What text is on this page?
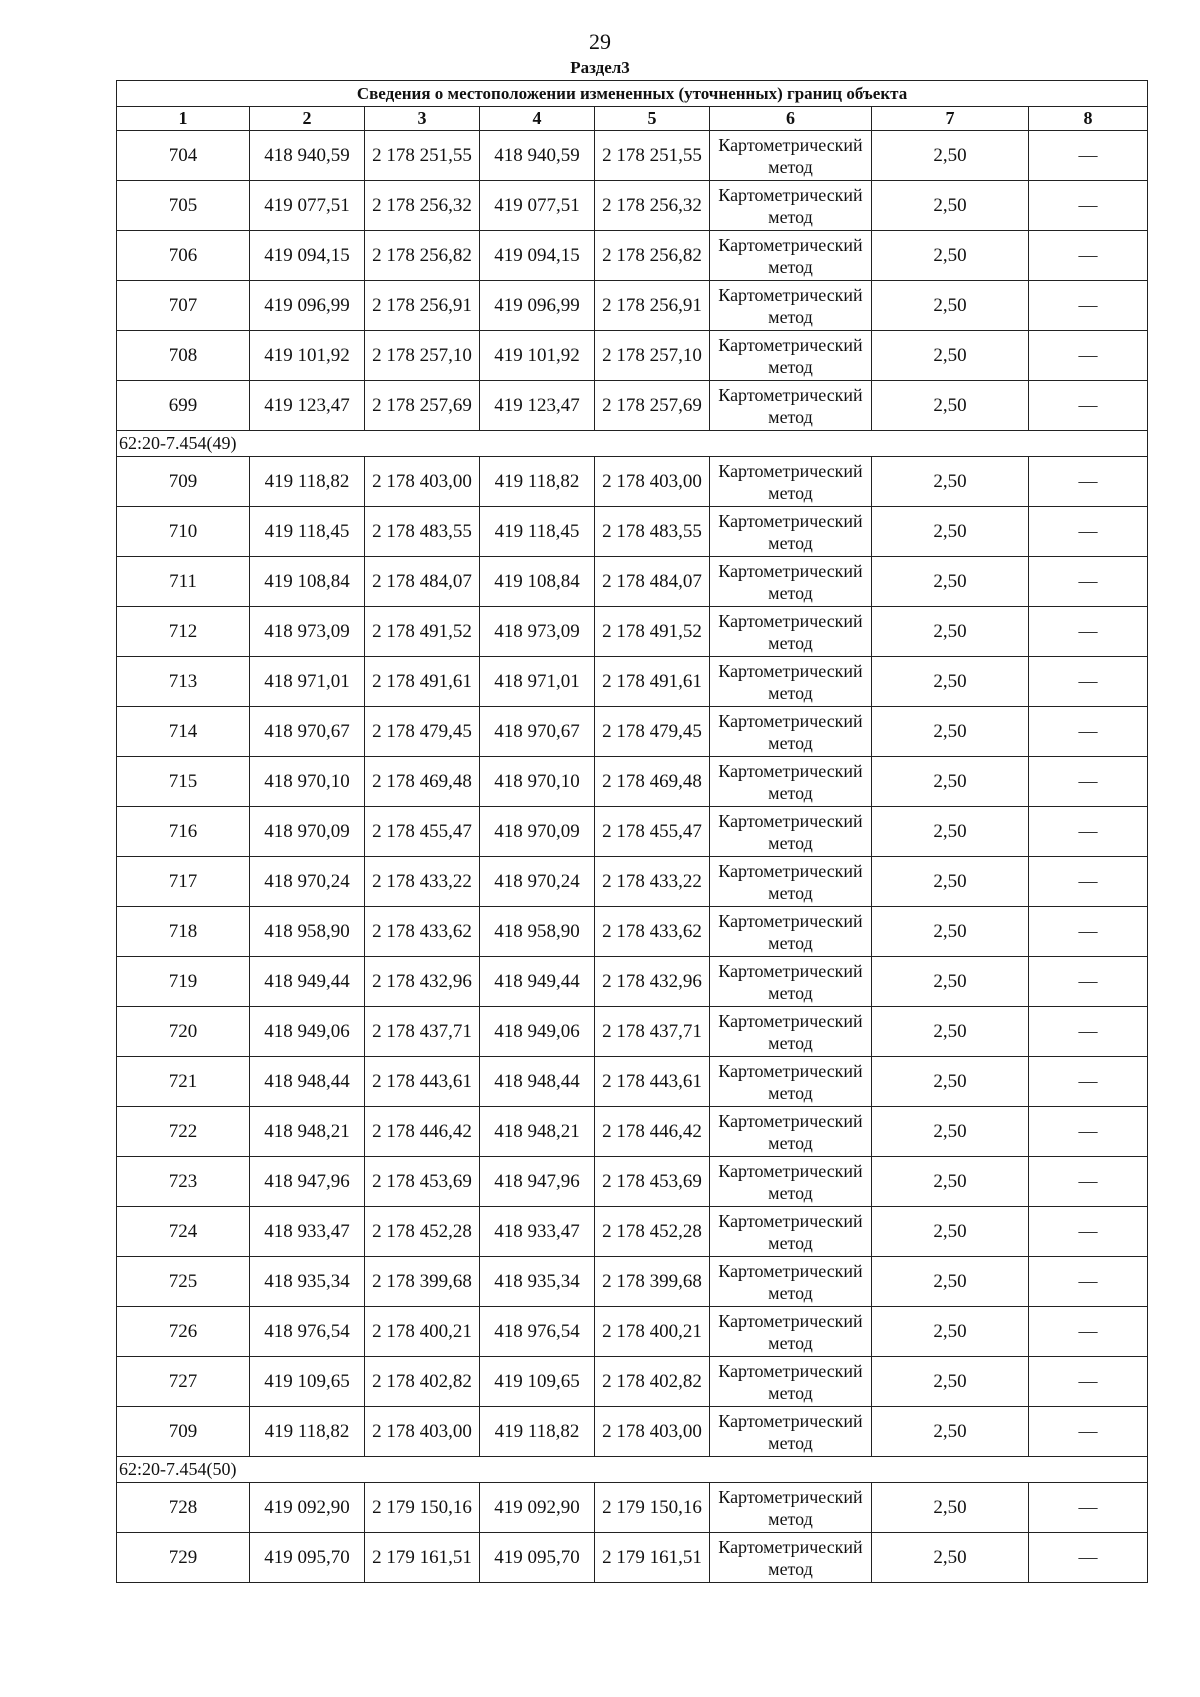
29
Раздел3
Сведения о местоположении измененных (уточненных) границ объекта							
1	2	3	4	5	6	7	8
704	418 940,59	2 178 251,55	418 940,59	2 178 251,55	Картометрический метод	2,50	—
705	419 077,51	2 178 256,32	419 077,51	2 178 256,32	Картометрический метод	2,50	—
706	419 094,15	2 178 256,82	419 094,15	2 178 256,82	Картометрический метод	2,50	—
707	419 096,99	2 178 256,91	419 096,99	2 178 256,91	Картометрический метод	2,50	—
708	419 101,92	2 178 257,10	419 101,92	2 178 257,10	Картометрический метод	2,50	—
699	419 123,47	2 178 257,69	419 123,47	2 178 257,69	Картометрический метод	2,50	—
62:20-7.454(49)							
709	419 118,82	2 178 403,00	419 118,82	2 178 403,00	Картометрический метод	2,50	—
710	419 118,45	2 178 483,55	419 118,45	2 178 483,55	Картометрический метод	2,50	—
711	419 108,84	2 178 484,07	419 108,84	2 178 484,07	Картометрический метод	2,50	—
712	418 973,09	2 178 491,52	418 973,09	2 178 491,52	Картометрический метод	2,50	—
713	418 971,01	2 178 491,61	418 971,01	2 178 491,61	Картометрический метод	2,50	—
714	418 970,67	2 178 479,45	418 970,67	2 178 479,45	Картометрический метод	2,50	—
715	418 970,10	2 178 469,48	418 970,10	2 178 469,48	Картометрический метод	2,50	—
716	418 970,09	2 178 455,47	418 970,09	2 178 455,47	Картометрический метод	2,50	—
717	418 970,24	2 178 433,22	418 970,24	2 178 433,22	Картометрический метод	2,50	—
718	418 958,90	2 178 433,62	418 958,90	2 178 433,62	Картометрический метод	2,50	—
719	418 949,44	2 178 432,96	418 949,44	2 178 432,96	Картометрический метод	2,50	—
720	418 949,06	2 178 437,71	418 949,06	2 178 437,71	Картометрический метод	2,50	—
721	418 948,44	2 178 443,61	418 948,44	2 178 443,61	Картометрический метод	2,50	—
722	418 948,21	2 178 446,42	418 948,21	2 178 446,42	Картометрический метод	2,50	—
723	418 947,96	2 178 453,69	418 947,96	2 178 453,69	Картометрический метод	2,50	—
724	418 933,47	2 178 452,28	418 933,47	2 178 452,28	Картометрический метод	2,50	—
725	418 935,34	2 178 399,68	418 935,34	2 178 399,68	Картометрический метод	2,50	—
726	418 976,54	2 178 400,21	418 976,54	2 178 400,21	Картометрический метод	2,50	—
727	419 109,65	2 178 402,82	419 109,65	2 178 402,82	Картометрический метод	2,50	—
709	419 118,82	2 178 403,00	419 118,82	2 178 403,00	Картометрический метод	2,50	—
62:20-7.454(50)							
728	419 092,90	2 179 150,16	419 092,90	2 179 150,16	Картометрический метод	2,50	—
729	419 095,70	2 179 161,51	419 095,70	2 179 161,51	Картометрический метод	2,50	—
